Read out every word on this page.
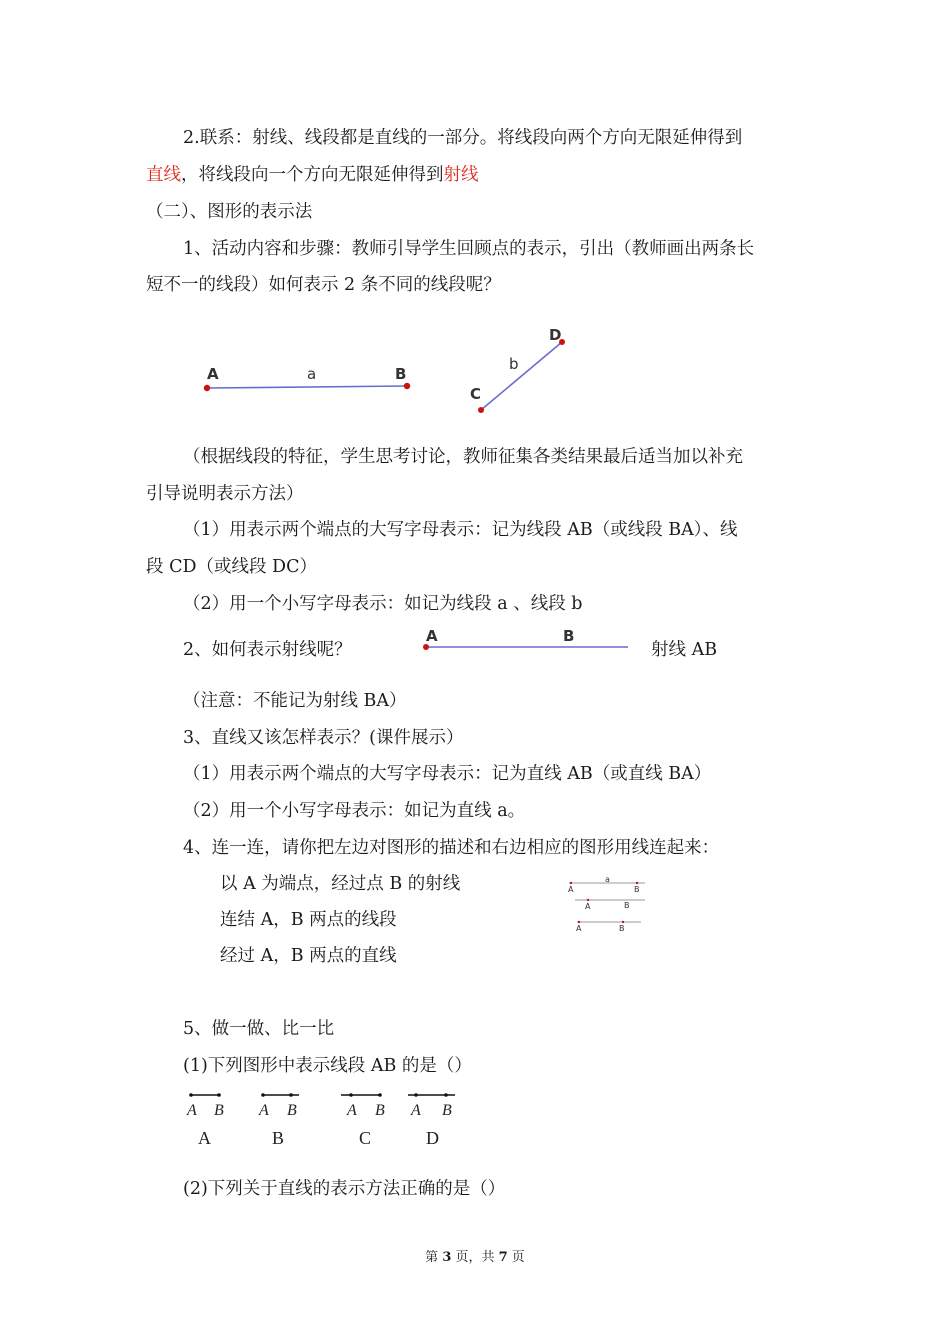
2.联系：射线、线段都是直线的一部分。将线段向两个方向无限延伸得到
直线，将线段向一个方向无限延伸得到射线
（二）、图形的表示法
1、活动内容和步骤：教师引导学生回顾点的表示，引出（教师画出两条长
短不一的线段）如何表示 2 条不同的线段呢？
A	a	B
C
b
D
（根据线段的特征，学生思考讨论，教师征集各类结果最后适当加以补充
引导说明表示方法）
（1）用表示两个端点的大写字母表示：记为线段 AB（或线段 BA）、线
段 CD（或线段 DC）
（2）用一个小写字母表示：如记为线段 a 、线段 b
2、如何表示射线呢？
A	B
射线 AB
（注意：不能记为射线 BA）
3、直线又该怎样表示？(课件展示）
（1）用表示两个端点的大写字母表示：记为直线 AB（或直线 BA）
（2）用一个小写字母表示：如记为直线 a。
4、连一连，请你把左边对图形的描述和右边相应的图形用线连起来：
以 A 为端点，经过点 B 的射线
连结 A，B 两点的线段
经过 A，B 两点的直线
A
a
B
A	B
A	B
5、做一做、比一比
(1)下列图形中表示线段 AB 的是（）
A B
A
A B
B
A B
C
A B
D
(2)下列关于直线的表示方法正确的是（）
第 3 页，共 7 页
